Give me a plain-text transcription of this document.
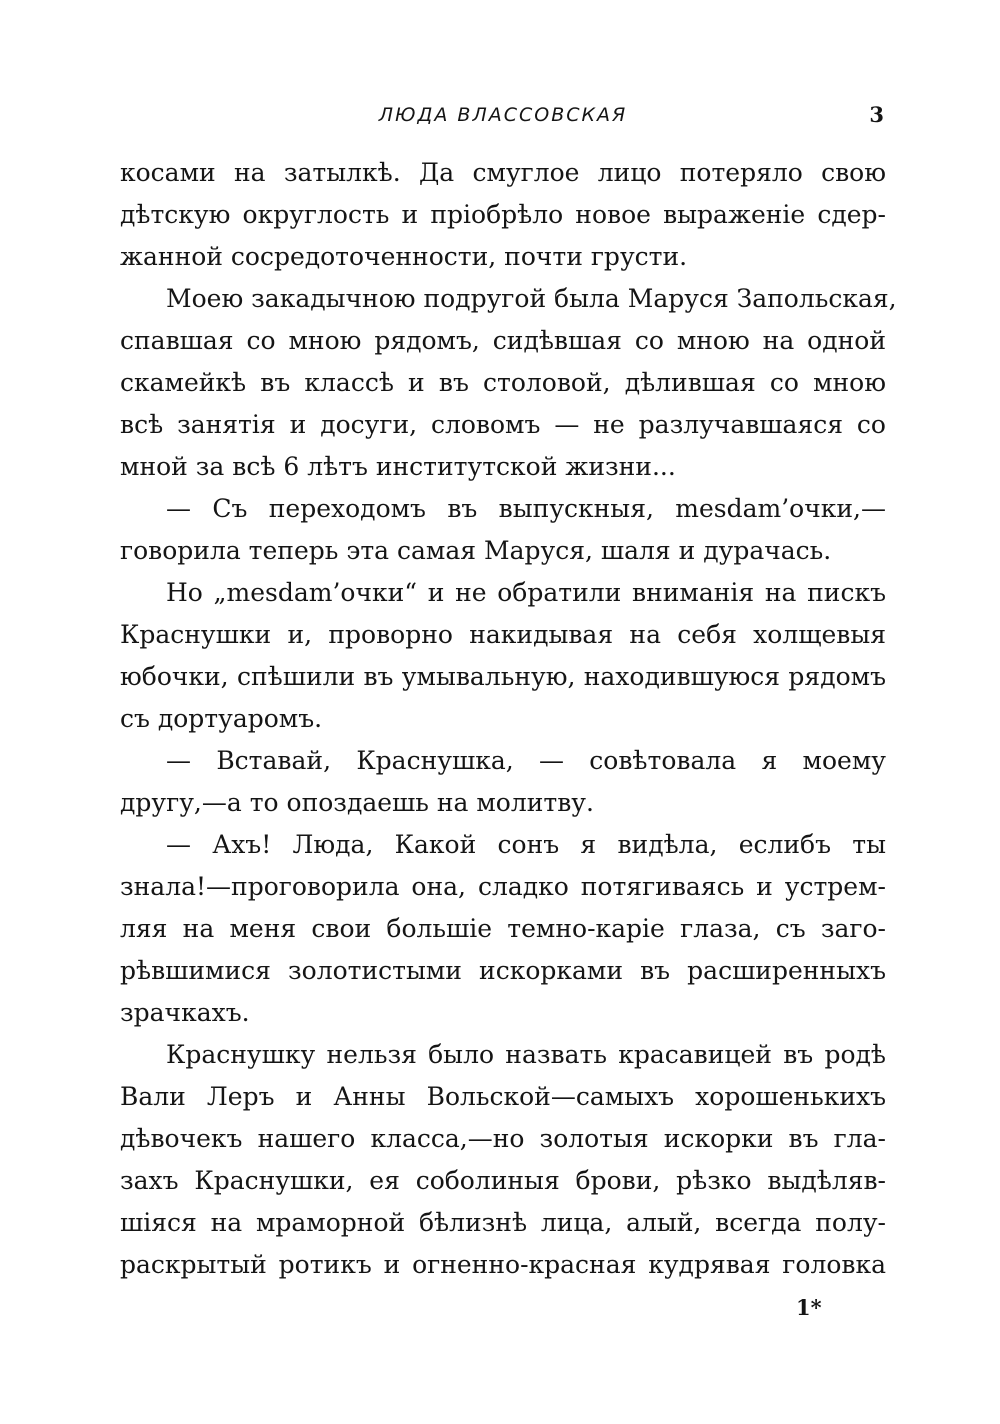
ЛЮДА ВЛАССОВСКАЯ	3
косами на затылкѣ. Да смуглое лицо потеряло свою
дѣтскую округлость и пріобрѣло новое выраженіе сдер-
жанной сосредоточенности, почти грусти.
Моею закадычною подругой была Маруся Запольская,
спавшая со мною рядомъ, сидѣвшая со мною на одной
скамейкѣ въ классѣ и въ столовой, дѣлившая со мною
всѣ занятія и досуги, словомъ — не разлучавшаяся со
мной за всѣ 6 лѣтъ институтской жизни...
— Съ переходомъ въ выпускныя, mesdam’очки,—
говорила теперь эта самая Маруся, шаля и дурачась.
Но „mesdam’очки“ и не обратили вниманія на пискъ
Краснушки и, проворно накидывая на себя холщевыя
юбочки, спѣшили въ умывальную, находившуюся рядомъ
съ дортуаромъ.
— Вставай, Краснушка, — совѣтовала я моему
другу,—а то опоздаешь на молитву.
— Ахъ! Люда, Какой сонъ я видѣла, еслибъ ты
знала!—проговорила она, сладко потягиваясь и устрем-
ляя на меня свои большіе темно-каріе глаза, съ заго-
рѣвшимися золотистыми искорками въ расширенныхъ
зрачкахъ.
Краснушку нельзя было назвать красавицей въ родѣ
Вали Леръ и Анны Вольской—самыхъ хорошенькихъ
дѣвочекъ нашего класса,—но золотыя искорки въ гла-
захъ Краснушки, ея соболиныя брови, рѣзко выдѣляв-
шіяся на мраморной бѣлизнѣ лица, алый, всегда полу-
раскрытый ротикъ и огненно-красная кудрявая головка
1*
